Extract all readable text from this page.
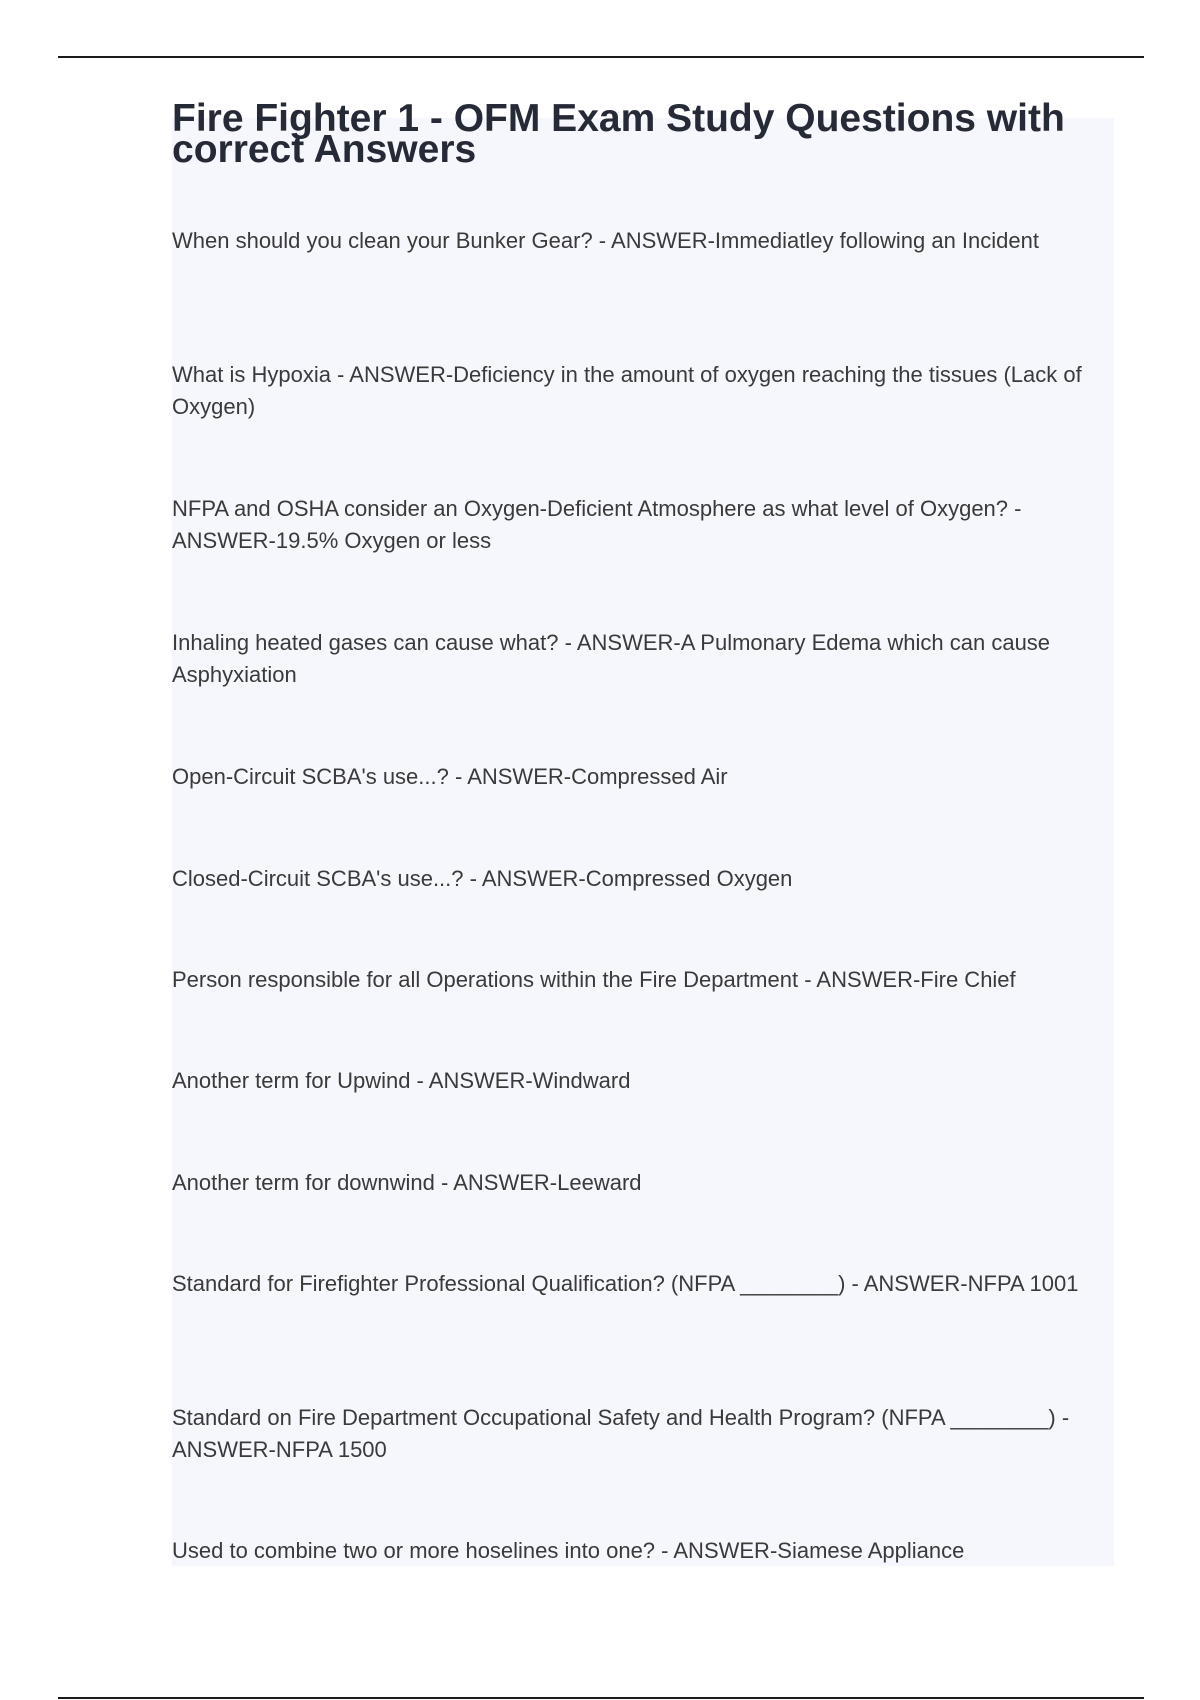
Fire Fighter 1 - OFM Exam Study Questions with correct Answers

When should you clean your Bunker Gear? - ANSWER-Immediatley following an Incident

What is Hypoxia - ANSWER-Deficiency in the amount of oxygen reaching the tissues (Lack of Oxygen)

NFPA and OSHA consider an Oxygen-Deficient Atmosphere as what level of Oxygen? - ANSWER-19.5% Oxygen or less

Inhaling heated gases can cause what? - ANSWER-A Pulmonary Edema which can cause Asphyxiation

Open-Circuit SCBA's use...? - ANSWER-Compressed Air

Closed-Circuit SCBA's use...? - ANSWER-Compressed Oxygen

Person responsible for all Operations within the Fire Department - ANSWER-Fire Chief

Another term for Upwind - ANSWER-Windward

Another term for downwind - ANSWER-Leeward

Standard for Firefighter Professional Qualification? (NFPA ________) - ANSWER-NFPA 1001

Standard on Fire Department Occupational Safety and Health Program? (NFPA ________) - ANSWER-NFPA 1500

Used to combine two or more hoselines into one? - ANSWER-Siamese Appliance
